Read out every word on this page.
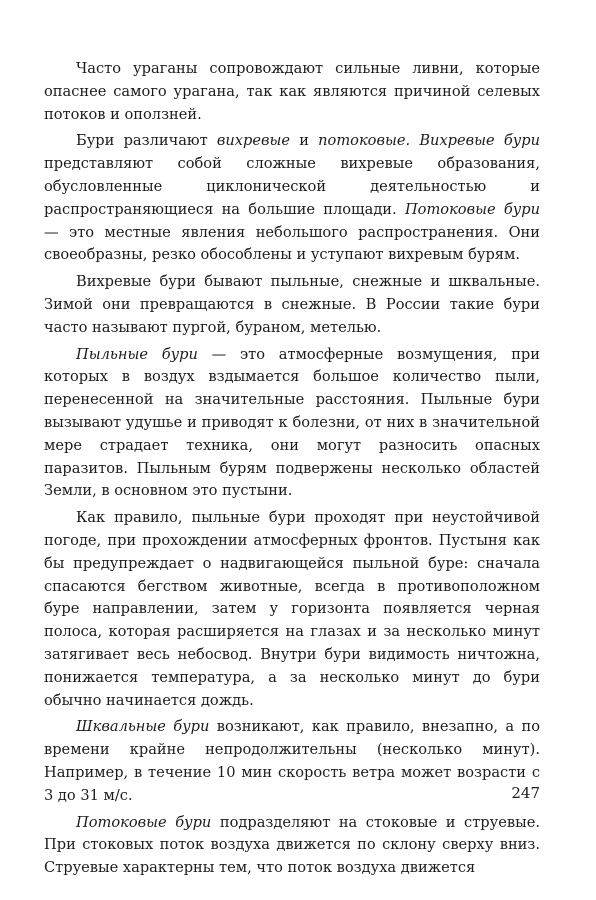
Часто ураганы сопровождают сильные ливни, которые опаснее самого урагана, так как являются причиной селевых потоков и оползней.

Бури различают вихревые и потоковые. Вихревые бури представляют собой сложные вихревые образования, обусловленные циклонической деятельностью и распространяющиеся на большие площади. Потоковые бури — это местные явления небольшого распространения. Они своеобразны, резко обособлены и уступают вихревым бурям.

Вихревые бури бывают пыльные, снежные и шквальные. Зимой они превращаются в снежные. В России такие бури часто называют пургой, бураном, метелью.

Пыльные бури — это атмосферные возмущения, при которых в воздух вздымается большое количество пыли, перенесенной на значительные расстояния. Пыльные бури вызывают удушье и приводят к болезни, от них в значительной мере страдает техника, они могут разносить опасных паразитов. Пыльным бурям подвержены несколько областей Земли, в основном это пустыни.

Как правило, пыльные бури проходят при неустойчивой погоде, при прохождении атмосферных фронтов. Пустыня как бы предупреждает о надвигающейся пыльной буре: сначала спасаются бегством животные, всегда в противоположном буре направлении, затем у горизонта появляется черная полоса, которая расширяется на глазах и за несколько минут затягивает весь небосвод. Внутри бури видимость ничтожна, понижается температура, а за несколько минут до бури обычно начинается дождь.

Шквальные бури возникают, как правило, внезапно, а по времени крайне непродолжительны (несколько минут). Например, в течение 10 мин скорость ветра может возрасти с 3 до 31 м/с.

Потоковые бури подразделяют на стоковые и струевые. При стоковых поток воздуха движется по склону сверху вниз. Струевые характерны тем, что поток воздуха движется

247
